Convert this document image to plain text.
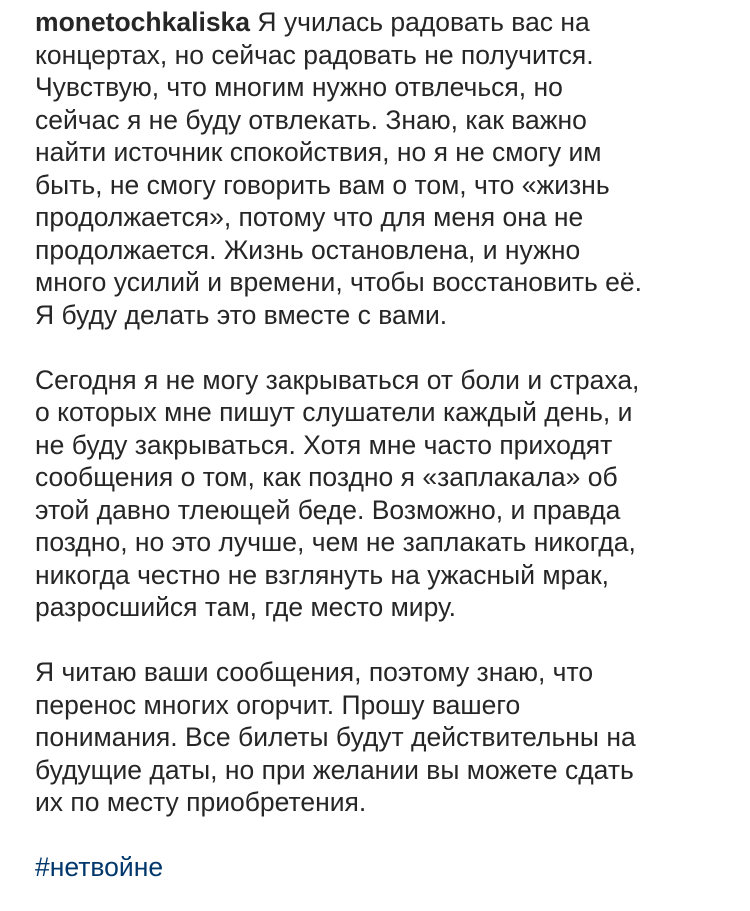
monetochkaliska Я училась радовать вас на
концертах, но сейчас радовать не получится.
Чувствую, что многим нужно отвлечься, но
сейчас я не буду отвлекать. Знаю, как важно
найти источник спокойствия, но я не смогу им
быть, не смогу говорить вам о том, что «жизнь
продолжается», потому что для меня она не
продолжается. Жизнь остановлена, и нужно
много усилий и времени, чтобы восстановить её.
Я буду делать это вместе с вами.

Сегодня я не могу закрываться от боли и страха,
о которых мне пишут слушатели каждый день, и
не буду закрываться. Хотя мне часто приходят
сообщения о том, как поздно я «заплакала» об
этой давно тлеющей беде. Возможно, и правда
поздно, но это лучше, чем не заплакать никогда,
никогда честно не взглянуть на ужасный мрак,
разросшийся там, где место миру.

Я читаю ваши сообщения, поэтому знаю, что
перенос многих огорчит. Прошу вашего
понимания. Все билеты будут действительны на
будущие даты, но при желании вы можете сдать
их по месту приобретения.

#нетвойне
